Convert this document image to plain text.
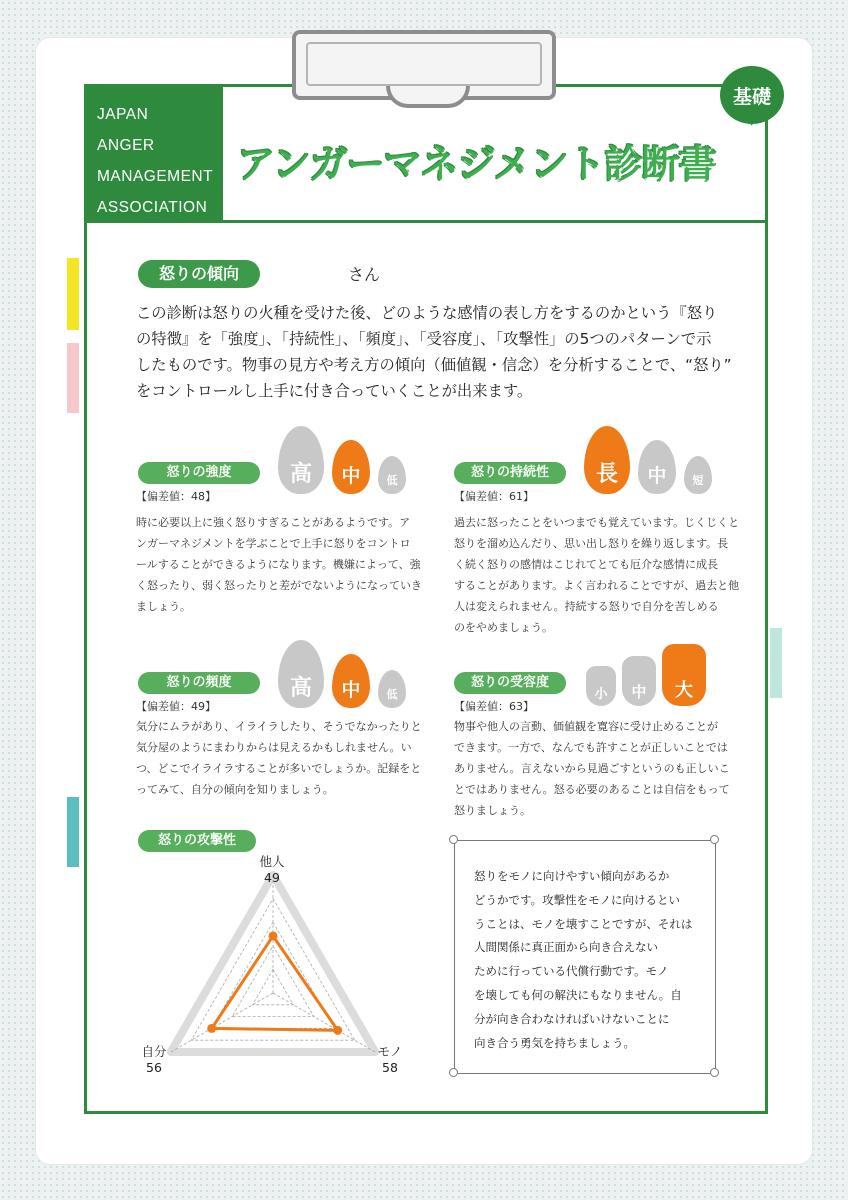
JAPAN
ANGER
MANAGEMENT
ASSOCIATION
アンガーマネジメント診断書
基礎
怒りの傾向	さん
この診断は怒りの火種を受けた後、どのような感情の表し方をするのかという『怒り
の特徴』を「強度」、「持続性」、「頻度」、「受容度」、「攻撃性」の5つのパターンで示
したものです。物事の見方や考え方の傾向（価値観・信念）を分析することで、“怒り”
をコントロールし上手に付き合っていくことが出来ます。
怒りの強度	高	中	低
【偏差値：48】
時に必要以上に強く怒りすぎることがあるようです。ア
ンガーマネジメントを学ぶことで上手に怒りをコントロ
ールすることができるようになります。機嫌によって、強
く怒ったり、弱く怒ったりと差がでないようになっていき
ましょう。
怒りの持続性	長	中	短
【偏差値：61】
過去に怒ったことをいつまでも覚えています。じくじくと
怒りを溜め込んだり、思い出し怒りを繰り返します。長
く続く怒りの感情はこじれてとても厄介な感情に成長
することがあります。よく言われることですが、過去と他
人は変えられません。持続する怒りで自分を苦しめる
のをやめましょう。
怒りの頻度	高	中	低
【偏差値：49】
気分にムラがあり、イライラしたり、そうでなかったりと
気分屋のようにまわりからは見えるかもしれません。い
つ、どこでイライラすることが多いでしょうか。記録をと
ってみて、自分の傾向を知りましょう。
怒りの受容度
小	中	大
【偏差値：63】
物事や他人の言動、価値観を寛容に受け止めることが
できます。一方で、なんでも許すことが正しいことでは
ありません。言えないから見過ごすというのも正しいこ
とではありません。怒る必要のあることは自信をもって
怒りましょう。
怒りの攻撃性
他人
49
モノ
58
自分
56
怒りをモノに向けやすい傾向があるか
どうかです。攻撃性をモノに向けるとい
うことは、モノを壊すことですが、それは
人間関係に真正面から向き合えない
ために行っている代償行動です。モノ
を壊しても何の解決にもなりません。自
分が向き合わなければいけないことに
向き合う勇気を持ちましょう。
